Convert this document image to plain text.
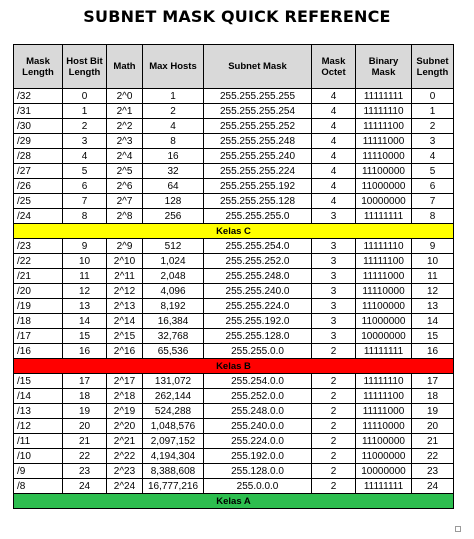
SUBNET MASK QUICK REFERENCE
Mask Length	Host Bit Length	Math	Max Hosts	Subnet Mask	Mask Octet	Binary Mask	Subnet Length
/32	0	2^0	1	255.255.255.255	4	11111111	0
/31	1	2^1	2	255.255.255.254	4	11111110	1
/30	2	2^2	4	255.255.255.252	4	11111100	2
/29	3	2^3	8	255.255.255.248	4	11111000	3
/28	4	2^4	16	255.255.255.240	4	11110000	4
/27	5	2^5	32	255.255.255.224	4	11100000	5
/26	6	2^6	64	255.255.255.192	4	11000000	6
/25	7	2^7	128	255.255.255.128	4	10000000	7
/24	8	2^8	256	255.255.255.0	3	11111111	8
Kelas C							
/23	9	2^9	512	255.255.254.0	3	11111110	9
/22	10	2^10	1,024	255.255.252.0	3	11111100	10
/21	11	2^11	2,048	255.255.248.0	3	11111000	11
/20	12	2^12	4,096	255.255.240.0	3	11110000	12
/19	13	2^13	8,192	255.255.224.0	3	11100000	13
/18	14	2^14	16,384	255.255.192.0	3	11000000	14
/17	15	2^15	32,768	255.255.128.0	3	10000000	15
/16	16	2^16	65,536	255.255.0.0	2	11111111	16
Kelas B							
/15	17	2^17	131,072	255.254.0.0	2	11111110	17
/14	18	2^18	262,144	255.252.0.0	2	11111100	18
/13	19	2^19	524,288	255.248.0.0	2	11111000	19
/12	20	2^20	1,048,576	255.240.0.0	2	11110000	20
/11	21	2^21	2,097,152	255.224.0.0	2	11100000	21
/10	22	2^22	4,194,304	255.192.0.0	2	11000000	22
/9	23	2^23	8,388,608	255.128.0.0	2	10000000	23
/8	24	2^24	16,777,216	255.0.0.0	2	11111111	24
Kelas A							
